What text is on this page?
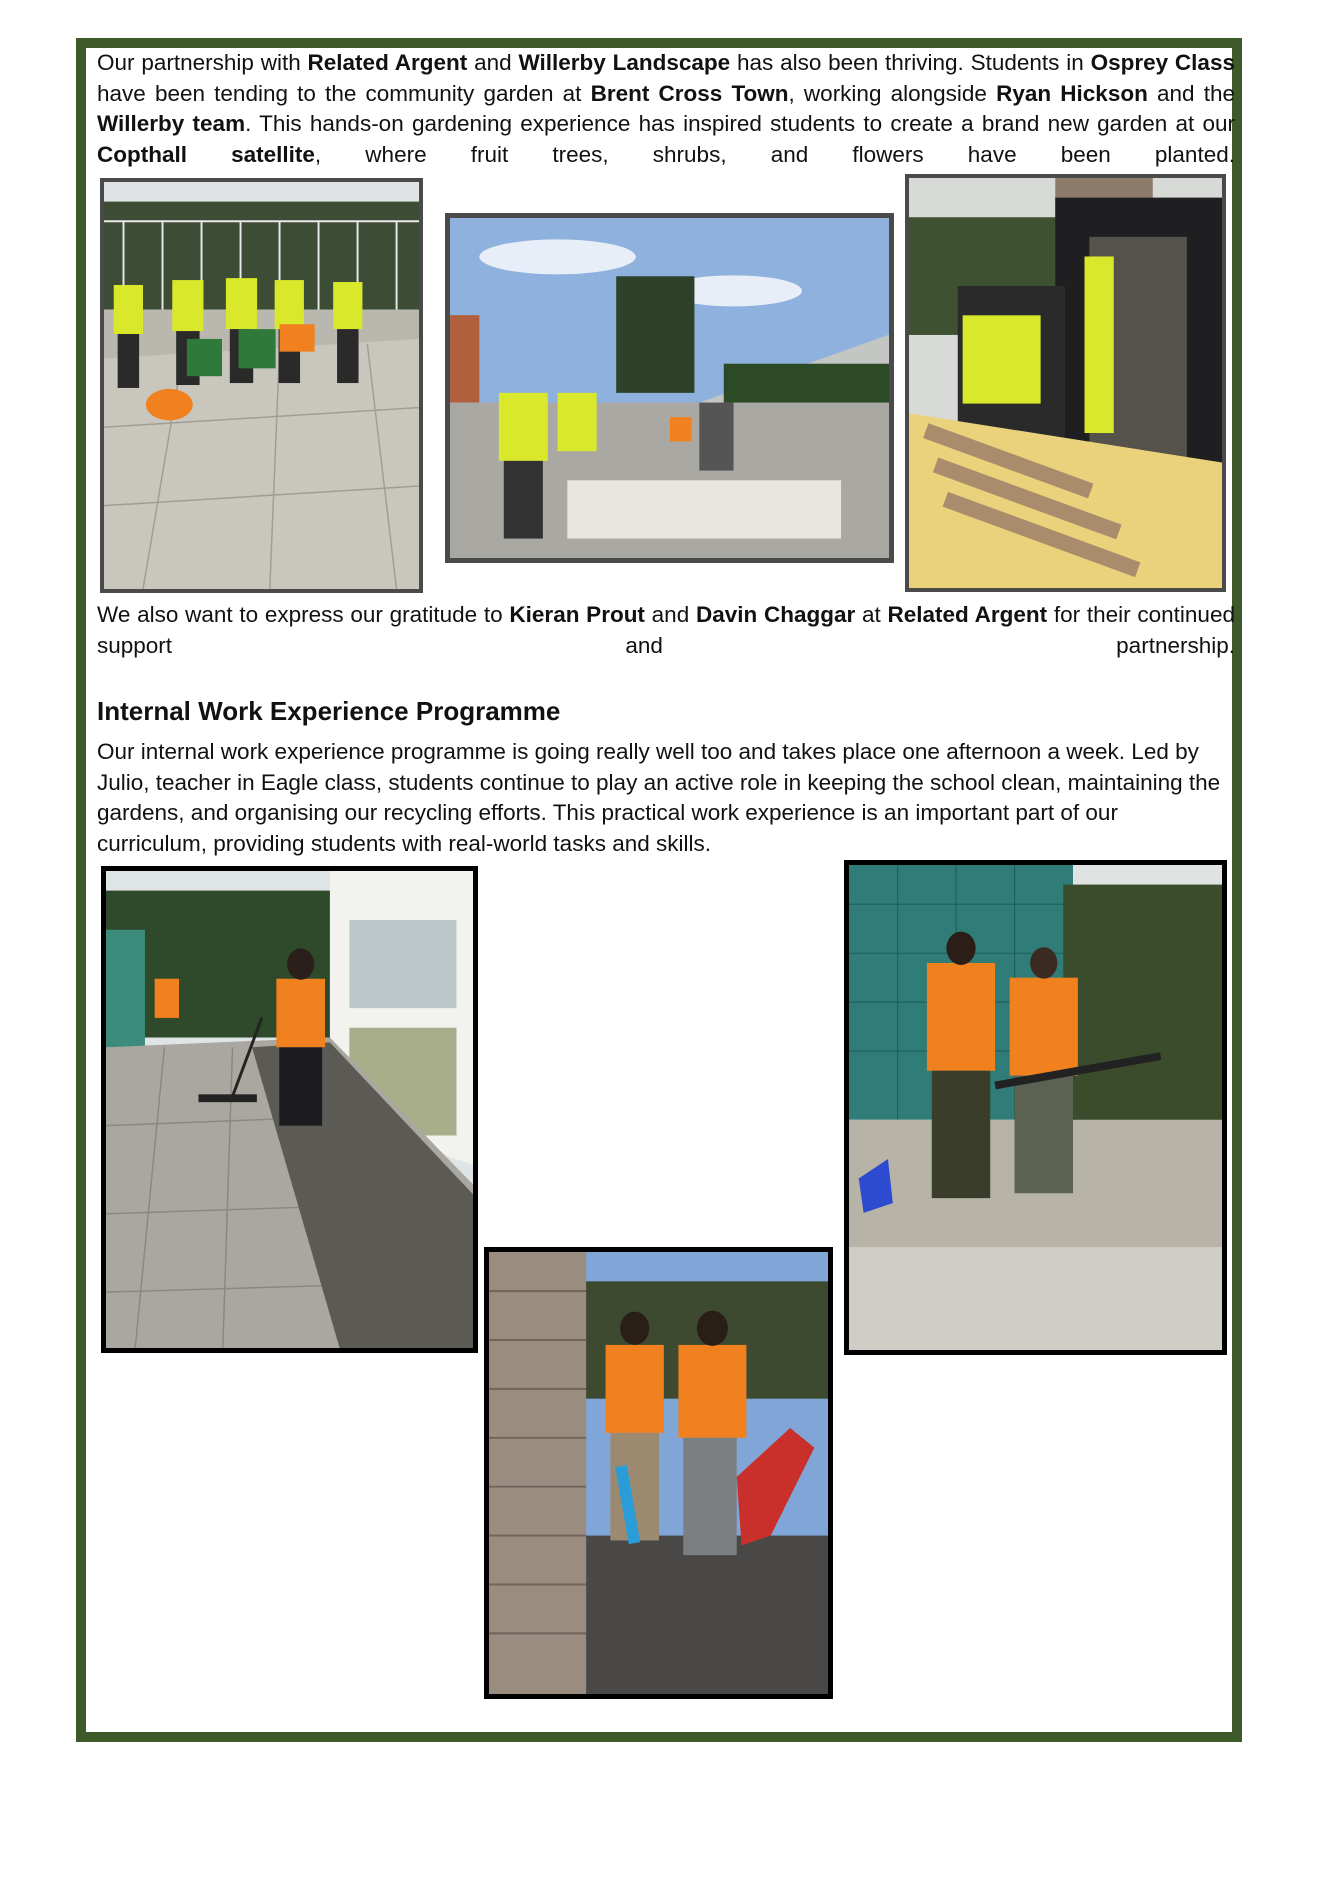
Our partnership with Related Argent and Willerby Landscape has also been thriving. Students in Osprey Class have been tending to the community garden at Brent Cross Town, working alongside Ryan Hickson and the Willerby team. This hands-on gardening experience has inspired students to create a brand new garden at our Copthall satellite, where fruit trees, shrubs, and flowers have been planted.

We also want to express our gratitude to Kieran Prout and Davin Chaggar at Related Argent for their continued support and partnership.

Internal Work Experience Programme
Our internal work experience programme is going really well too and takes place one afternoon a week. Led by
Julio, teacher in Eagle class, students continue to play an active role in keeping the school clean, maintaining the
gardens, and organising our recycling efforts. This practical work experience is an important part of our
curriculum, providing students with real-world tasks and skills.
